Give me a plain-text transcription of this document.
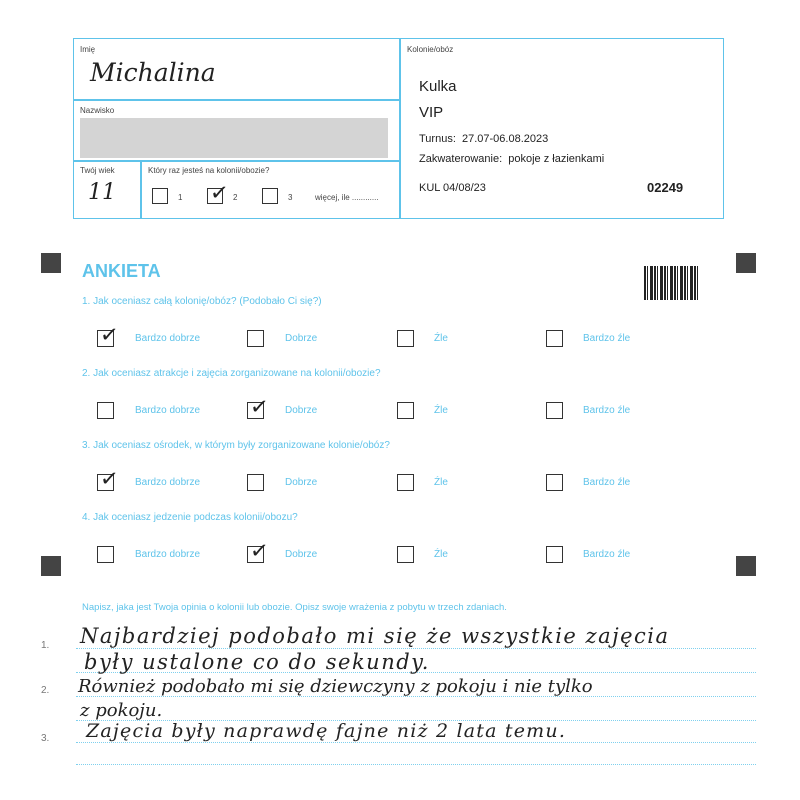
Imię
Michalina
Nazwisko
Twój wiek
11
Który raz jesteś na kolonii/obozie?
1 ✓ 2	3	więcej, ile ............
Kolonie/obóz
Kulka
VIP
Turnus:  27.07-06.08.2023
Zakwaterowanie:  pokoje z łazienkami
KUL 04/08/23	02249
ANKIETA
1. Jak oceniasz całą kolonię/obóz? (Podobało Ci się?)
✓ Bardzo dobrze	Dobrze	Źle	Bardzo źle
2. Jak oceniasz atrakcje i zajęcia zorganizowane na kolonii/obozie?
Bardzo dobrze ✓ Dobrze	Źle	Bardzo źle
3. Jak oceniasz ośrodek, w którym były zorganizowane kolonie/obóz?
✓ Bardzo dobrze	Dobrze	Źle	Bardzo źle
4. Jak oceniasz jedzenie podczas kolonii/obozu?
Bardzo dobrze ✓ Dobrze	Źle	Bardzo źle
Napisz, jaka jest Twoja opinia o kolonii lub obozie. Opisz swoje wrażenia z pobytu w trzech zdaniach.
1.
2.
3.
Najbardziej podobało mi się że wszystkie zajęcia
były ustalone co do sekundy.
Również podobało mi się dziewczyny z pokoju i nie tylko
z pokoju.
Zajęcia były naprawdę fajne niż 2 lata temu.
